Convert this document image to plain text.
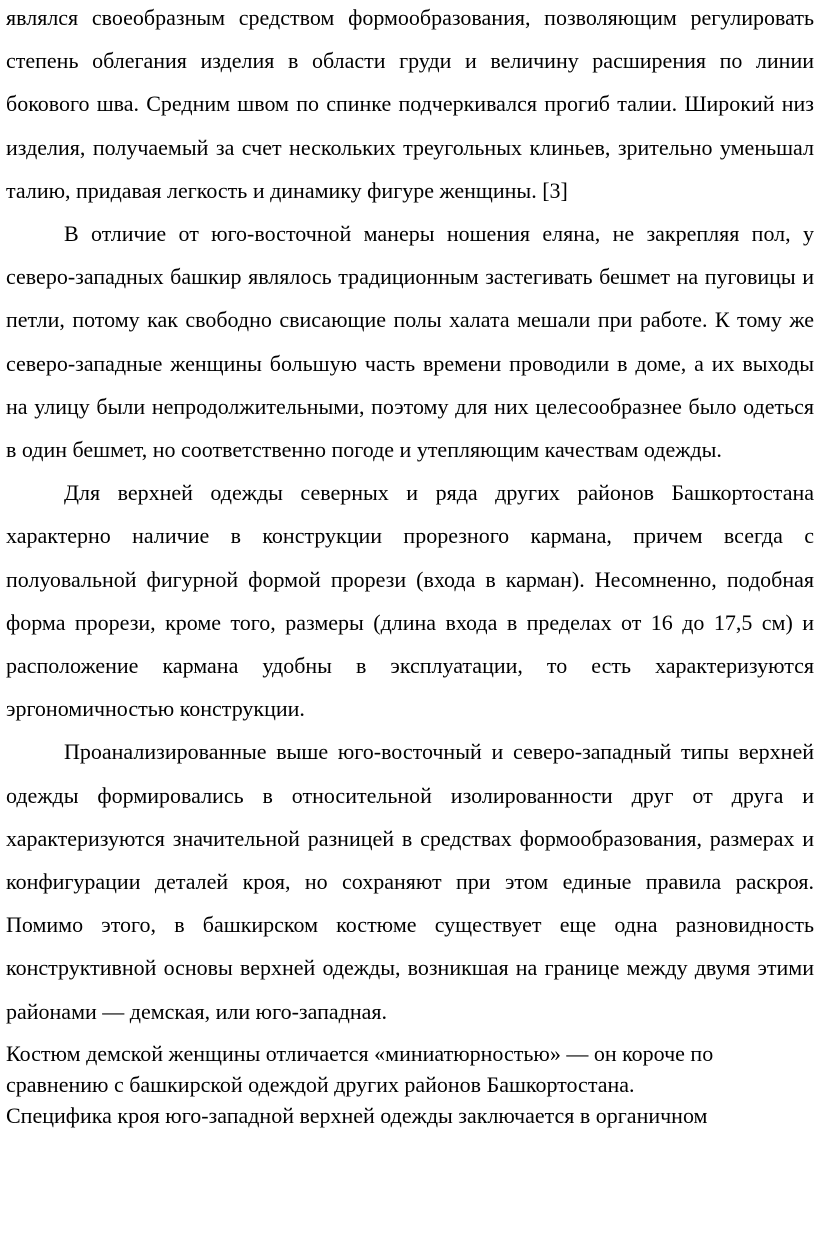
являлся своеобразным средством формообразования, позволяющим регулировать степень облегания изделия в области груди и величину расширения по линии бокового шва. Средним швом по спинке подчеркивался прогиб талии. Широкий низ изделия, получаемый за счет нескольких треугольных клиньев, зрительно уменьшал талию, придавая легкость и динамику фигуре женщины. [3]

В отличие от юго-восточной манеры ношения еляна, не закрепляя пол, у северо-западных башкир являлось традиционным застегивать бешмет на пуговицы и петли, потому как свободно свисающие полы халата мешали при работе. К тому же северо-западные женщины большую часть времени проводили в доме, а их выходы на улицу были непродолжительными, поэтому для них целесообразнее было одеться в один бешмет, но соответственно погоде и утепляющим качествам одежды.

Для верхней одежды северных и ряда других районов Башкортостана характерно наличие в конструкции прорезного кармана, причем всегда с полуовальной фигурной формой прорези (входа в карман). Несомненно, подобная форма прорези, кроме того, размеры (длина входа в пределах от 16 до 17,5 см) и расположение кармана удобны в эксплуатации, то есть характеризуются эргономичностью конструкции.

Проанализированные выше юго-восточный и северо-западный типы верхней одежды формировались в относительной изолированности друг от друга и характеризуются значительной разницей в средствах формообразования, размерах и конфигурации деталей кроя, но сохраняют при этом единые правила раскроя. Помимо этого, в башкирском костюме существует еще одна разновидность конструктивной основы верхней одежды, возникшая на границе между двумя этими районами — демская, или юго-западная.

Костюм демской женщины отличается «миниатюрностью» — он короче по

сравнению с башкирской одеждой других районов Башкортостана.

Специфика кроя юго-западной верхней одежды заключается в органичном
